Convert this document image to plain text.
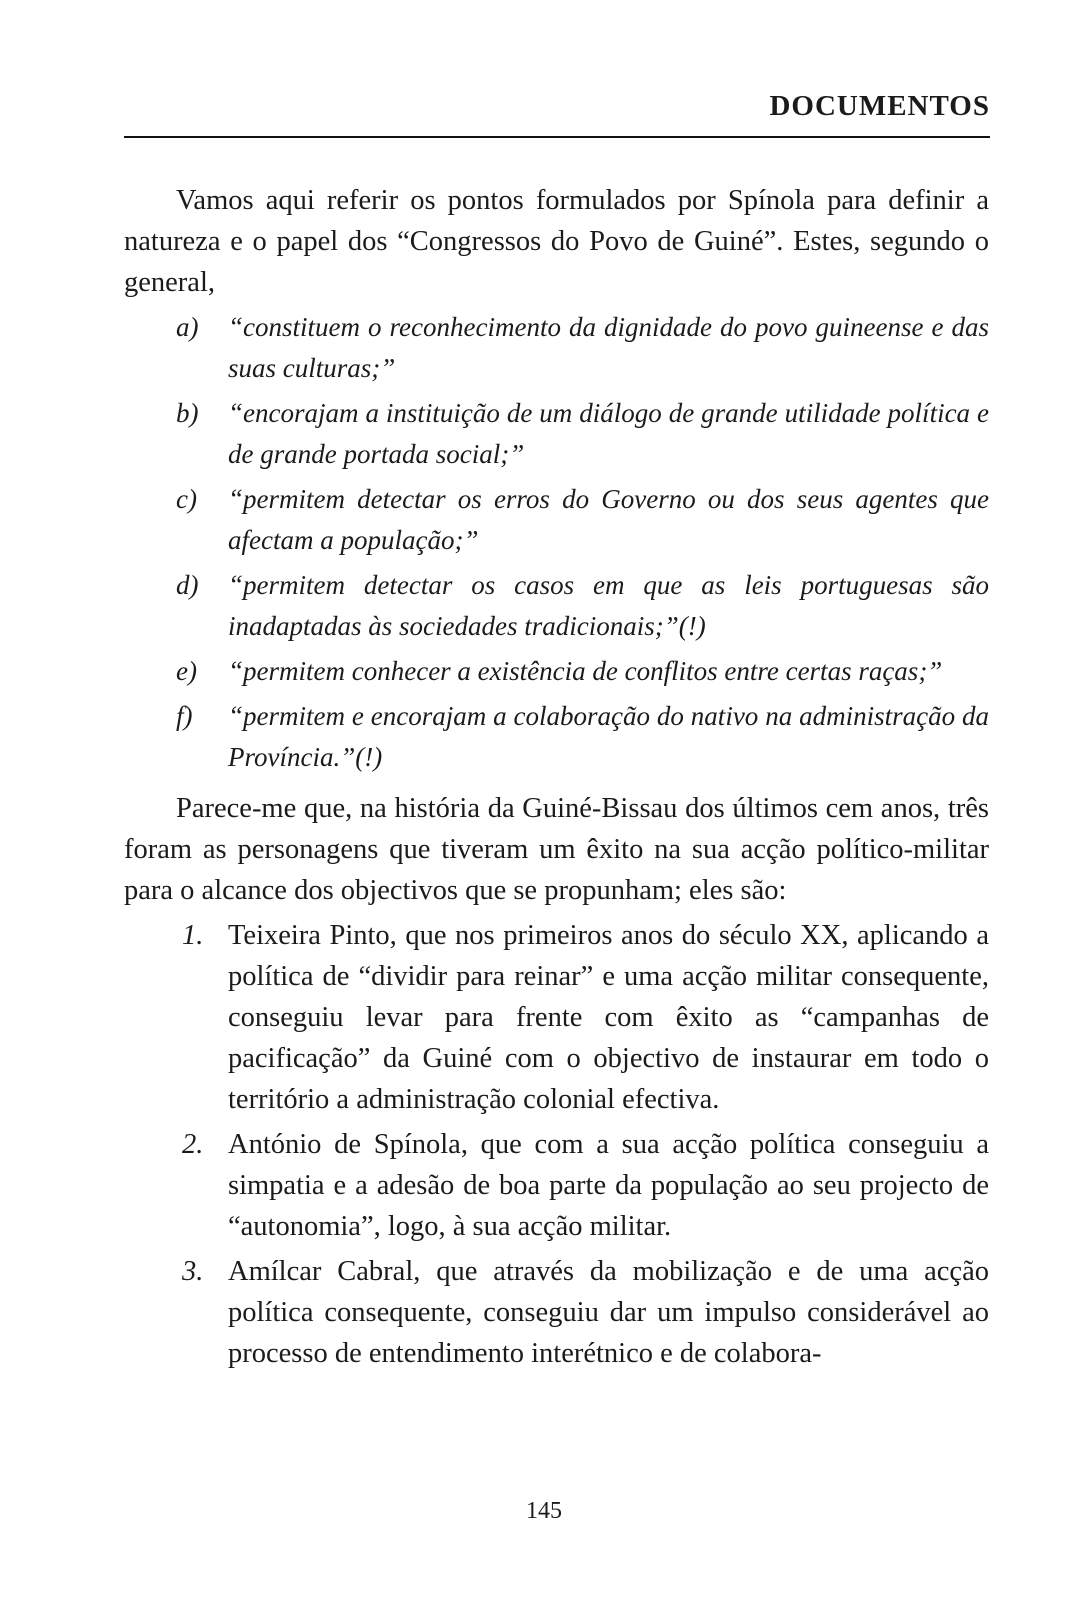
DOCUMENTOS

Vamos aqui referir os pontos formulados por Spínola para definir a natureza e o papel dos “Congressos do Povo de Guiné”. Estes, segundo o general,

a) “constituem o reconhecimento da dignidade do povo guineense e das suas culturas;”
b) “encorajam a instituição de um diálogo de grande utilidade política e de grande portada social;”
c) “permitem detectar os erros do Governo ou dos seus agentes que afectam a população;”
d) “permitem detectar os casos em que as leis portuguesas são inadaptadas às sociedades tradicionais;”(!)
e) “permitem conhecer a existência de conflitos entre certas raças;”
f) “permitem e encorajam a colaboração do nativo na administração da Província.”(!)

Parece-me que, na história da Guiné-Bissau dos últimos cem anos, três foram as personagens que tiveram um êxito na sua acção político-militar para o alcance dos objectivos que se propunham; eles são:

1. Teixeira Pinto, que nos primeiros anos do século XX, aplicando a política de “dividir para reinar” e uma acção militar consequente, conseguiu levar para frente com êxito as “campanhas de pacificação” da Guiné com o objectivo de instaurar em todo o território a administração colonial efectiva.
2. António de Spínola, que com a sua acção política conseguiu a simpatia e a adesão de boa parte da população ao seu projecto de “autonomia”, logo, à sua acção militar.
3. Amílcar Cabral, que através da mobilização e de uma acção política consequente, conseguiu dar um impulso considerável ao processo de entendimento interétnico e de colabora-
145
